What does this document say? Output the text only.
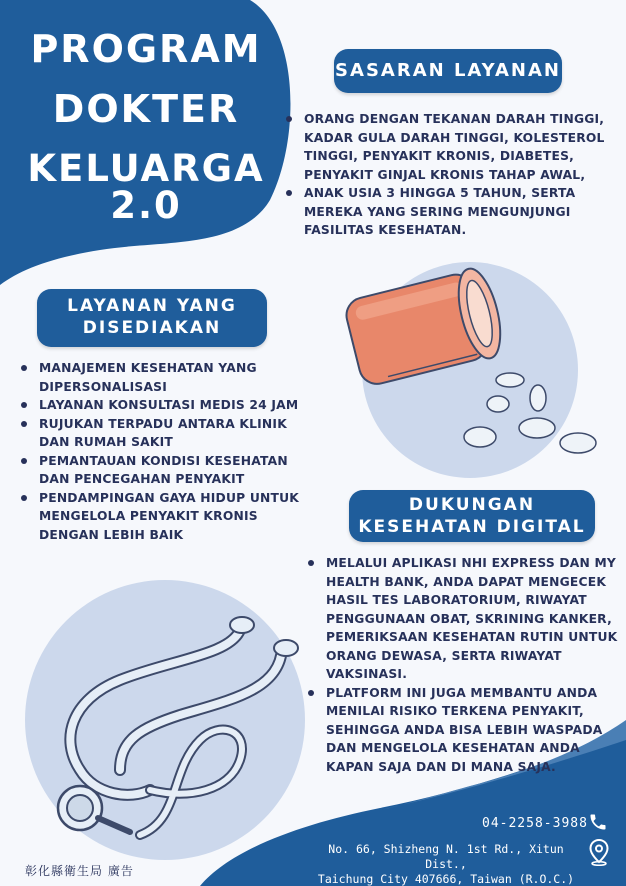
PROGRAM
DOKTER
KELUARGA 2.0
SASARAN LAYANAN
ORANG DENGAN TEKANAN DARAH TINGGI, KADAR GULA DARAH TINGGI, KOLESTEROL TINGGI, PENYAKIT KRONIS, DIABETES, PENYAKIT GINJAL KRONIS TAHAP AWAL,
ANAK USIA 3 HINGGA 5 TAHUN, SERTA MEREKA YANG SERING MENGUNJUNGI FASILITAS KESEHATAN.
LAYANAN YANG
DISEDIAKAN
MANAJEMEN KESEHATAN YANG DIPERSONALISASI
LAYANAN KONSULTASI MEDIS 24 JAM
RUJUKAN TERPADU ANTARA KLINIK DAN RUMAH SAKIT
PEMANTAUAN KONDISI KESEHATAN DAN PENCEGAHAN PENYAKIT
PENDAMPINGAN GAYA HIDUP UNTUK MENGELOLA PENYAKIT KRONIS DENGAN LEBIH BAIK
DUKUNGAN
KESEHATAN DIGITAL
MELALUI APLIKASI NHI EXPRESS DAN MY HEALTH BANK, ANDA DAPAT MENGECEK HASIL TES LABORATORIUM, RIWAYAT PENGGUNAAN OBAT, SKRINING KANKER, PEMERIKSAAN KESEHATAN RUTIN UNTUK ORANG DEWASA, SERTA RIWAYAT VAKSINASI.
PLATFORM INI JUGA MEMBANTU ANDA MENILAI RISIKO TERKENA PENYAKIT, SEHINGGA ANDA BISA LEBIH WASPADA DAN MENGELOLA KESEHATAN ANDA KAPAN SAJA DAN DI MANA SAJA.
04-2258-3988
No. 66, Shizheng N. 1st Rd., Xitun Dist.,
Taichung City 407666, Taiwan (R.O.C.)
彰化縣衛生局 廣告
